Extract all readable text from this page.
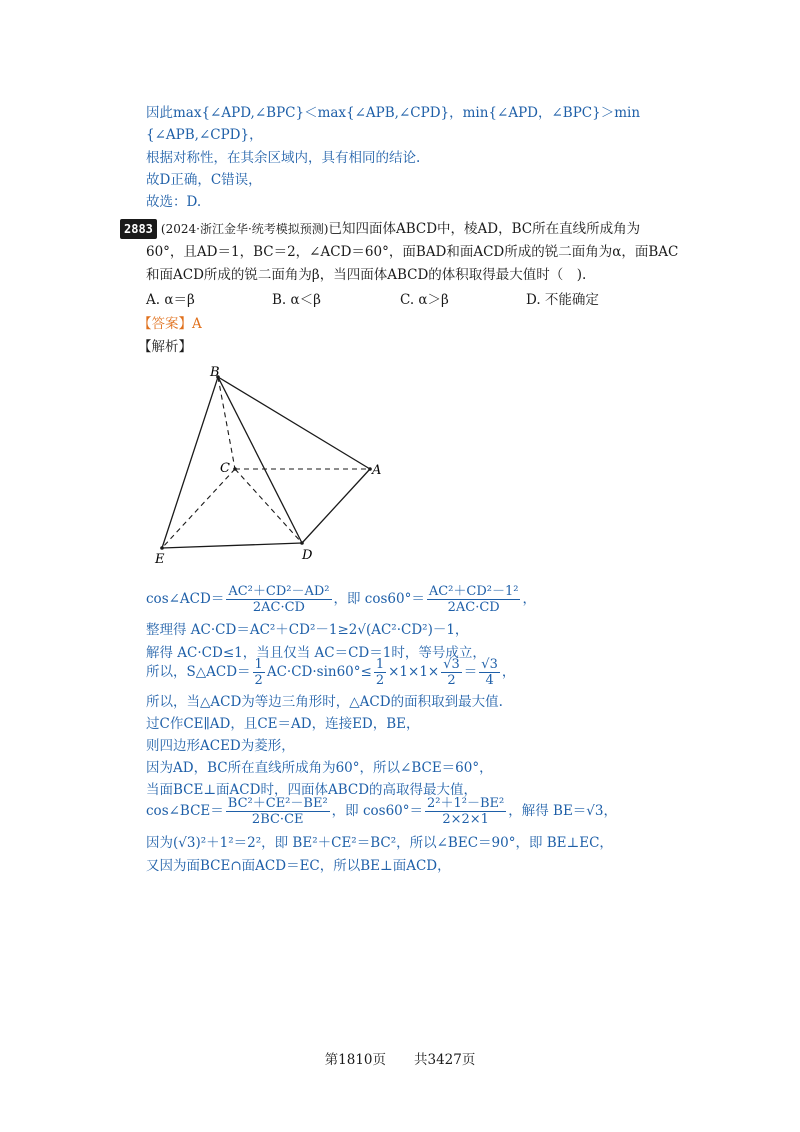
因此max{∠APD,∠BPC}＜max{∠APB,∠CPD}，min{∠APD，∠BPC}＞min
{∠APB,∠CPD}，
根据对称性，在其余区域内，具有相同的结论.
故D正确，C错误，
故选：D.
2883 (2024·浙江金华·统考模拟预测)已知四面体ABCD中，棱AD，BC所在直线所成角为
60°，且AD＝1，BC＝2，∠ACD＝60°，面BAD和面ACD所成的锐二面角为α，面BAC
和面ACD所成的锐二面角为β，当四面体ABCD的体积取得最大值时（　).
A. α＝β	B. α＜β	C. α＞β	D. 不能确定
【答案】A
【解析】
B
C	A
E	D
cos∠ACD＝ $\frac{\text{AC²＋CD²－AD²}}{2AC\cdot CD}$ ，即 $\cos 60^\circ= \frac{\text{AC²＋CD²－1²}}{2AC\cdot CD}$ ，
整理得 AC·CD＝AC²＋CD²－1≥2√(AC²·CD²)－1，
解得 AC·CD≤1，当且仅当 AC＝CD＝1时，等号成立，
所以，S△ACD＝ $\frac{1}{2} AC\cdot CD\cdot\sin 60^\circ\le \frac{1}{2} \times 1\times 1\times \frac{√3}{2} = \frac{√3}{4}$ ，
所以，当△ACD为等边三角形时，△ACD的面积取到最大值.
过C作CE∥AD，且CE＝AD，连接ED，BE，
则四边形ACED为菱形，
因为AD，BC所在直线所成角为60°，所以∠BCE＝60°，
当面BCE⊥面ACD时，四面体ABCD的高取得最大值，
cos∠BCE＝ $\frac{\text{BC²＋CE²－BE²}}{2BC\cdot CE}$ ，即 $\cos 60^\circ= \frac{\text{2²＋1²－BE²}}{2\times 2\times 1}$ ，解得 BE＝√3，
因为(√3)²＋1²＝2²，即 BE²＋CE²＝BC²，所以∠BEC＝90°，即 BE⊥EC，
又因为面BCE∩面ACD＝EC，所以BE⊥面ACD，
第1810页 共3427页
